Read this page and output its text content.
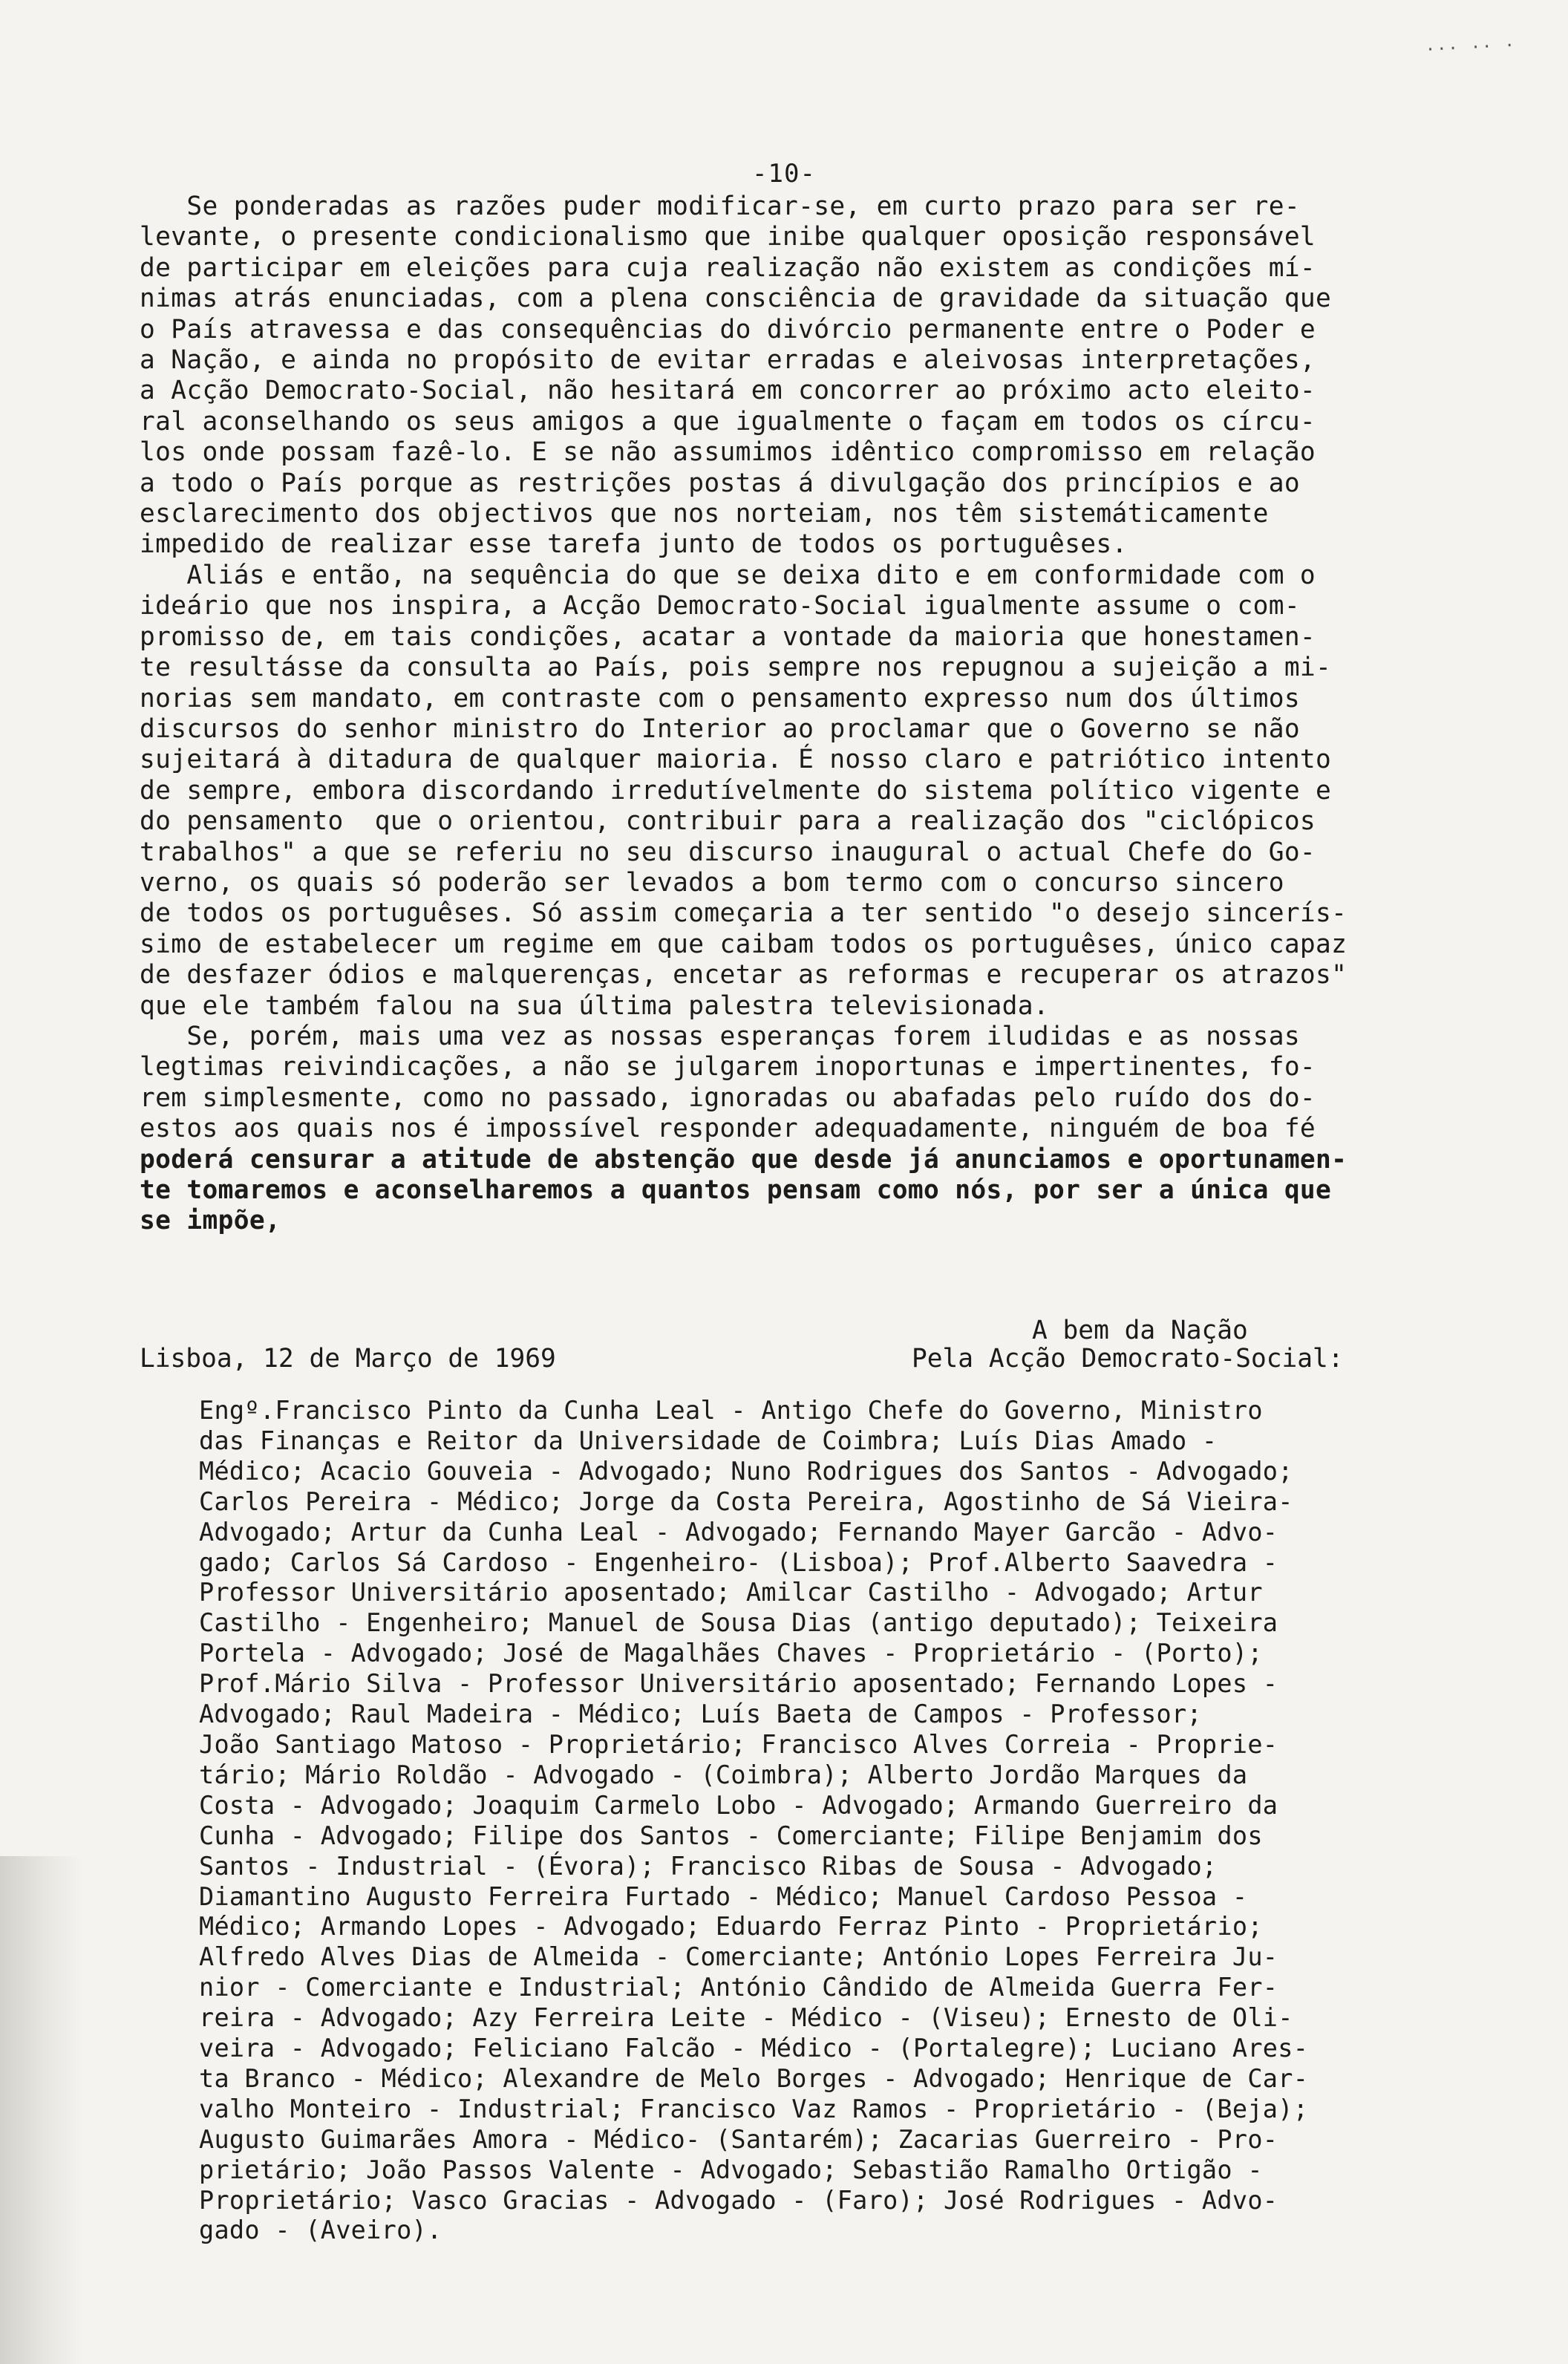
··· ·· ·
-10-
Se ponderadas as razões puder modificar-se, em curto prazo para ser re-
levante, o presente condicionalismo que inibe qualquer oposição responsável
de participar em eleições para cuja realização não existem as condições mí-
nimas atrás enunciadas, com a plena consciência de gravidade da situação que
o País atravessa e das consequências do divórcio permanente entre o Poder e
a Nação, e ainda no propósito de evitar erradas e aleivosas interpretações,
a Acção Democrato-Social, não hesitará em concorrer ao próximo acto eleito-
ral aconselhando os seus amigos a que igualmente o façam em todos os círcu-
los onde possam fazê-lo. E se não assumimos idêntico compromisso em relação
a todo o País porque as restrições postas á divulgação dos princípios e ao
esclarecimento dos objectivos que nos norteiam, nos têm sistemáticamente
impedido de realizar esse tarefa junto de todos os portuguêses.
Aliás e então, na sequência do que se deixa dito e em conformidade com o
ideário que nos inspira, a Acção Democrato-Social igualmente assume o com-
promisso de, em tais condições, acatar a vontade da maioria que honestamen-
te resultásse da consulta ao País, pois sempre nos repugnou a sujeição a mi-
norias sem mandato, em contraste com o pensamento expresso num dos últimos
discursos do senhor ministro do Interior ao proclamar que o Governo se não
sujeitará à ditadura de qualquer maioria. É nosso claro e patriótico intento
de sempre, embora discordando irredutívelmente do sistema político vigente e
do pensamento  que o orientou, contribuir para a realização dos "ciclópicos
trabalhos" a que se referiu no seu discurso inaugural o actual Chefe do Go-
verno, os quais só poderão ser levados a bom termo com o concurso sincero
de todos os portuguêses. Só assim começaria a ter sentido "o desejo sincerís-
simo de estabelecer um regime em que caibam todos os portuguêses, único capaz
de desfazer ódios e malquerenças, encetar as reformas e recuperar os atrazos"
que ele também falou na sua última palestra televisionada.
Se, porém, mais uma vez as nossas esperanças forem iludidas e as nossas
legtimas reivindicações, a não se julgarem inoportunas e impertinentes, fo-
rem simplesmente, como no passado, ignoradas ou abafadas pelo ruído dos do-
estos aos quais nos é impossível responder adequadamente, ninguém de boa fé
poderá censurar a atitude de abstenção que desde já anunciamos e oportunamen-
te tomaremos e aconselharemos a quantos pensam como nós, por ser a única que
se impõe,
A bem da Nação
Lisboa, 12 de Março de 1969	Pela Acção Democrato-Social:
Engº.Francisco Pinto da Cunha Leal - Antigo Chefe do Governo, Ministro
das Finanças e Reitor da Universidade de Coimbra; Luís Dias Amado -
Médico; Acacio Gouveia - Advogado; Nuno Rodrigues dos Santos - Advogado;
Carlos Pereira - Médico; Jorge da Costa Pereira, Agostinho de Sá Vieira-
Advogado; Artur da Cunha Leal - Advogado; Fernando Mayer Garcão - Advo-
gado; Carlos Sá Cardoso - Engenheiro- (Lisboa); Prof.Alberto Saavedra -
Professor Universitário aposentado; Amilcar Castilho - Advogado; Artur
Castilho - Engenheiro; Manuel de Sousa Dias (antigo deputado); Teixeira
Portela - Advogado; José de Magalhães Chaves - Proprietário - (Porto);
Prof.Mário Silva - Professor Universitário aposentado; Fernando Lopes -
Advogado; Raul Madeira - Médico; Luís Baeta de Campos - Professor;
João Santiago Matoso - Proprietário; Francisco Alves Correia - Proprie-
tário; Mário Roldão - Advogado - (Coimbra); Alberto Jordão Marques da
Costa - Advogado; Joaquim Carmelo Lobo - Advogado; Armando Guerreiro da
Cunha - Advogado; Filipe dos Santos - Comerciante; Filipe Benjamim dos
Santos - Industrial - (Évora); Francisco Ribas de Sousa - Advogado;
Diamantino Augusto Ferreira Furtado - Médico; Manuel Cardoso Pessoa -
Médico; Armando Lopes - Advogado; Eduardo Ferraz Pinto - Proprietário;
Alfredo Alves Dias de Almeida - Comerciante; António Lopes Ferreira Ju-
nior - Comerciante e Industrial; António Cândido de Almeida Guerra Fer-
reira - Advogado; Azy Ferreira Leite - Médico - (Viseu); Ernesto de Oli-
veira - Advogado; Feliciano Falcão - Médico - (Portalegre); Luciano Ares-
ta Branco - Médico; Alexandre de Melo Borges - Advogado; Henrique de Car-
valho Monteiro - Industrial; Francisco Vaz Ramos - Proprietário - (Beja);
Augusto Guimarães Amora - Médico- (Santarém); Zacarias Guerreiro - Pro-
prietário; João Passos Valente - Advogado; Sebastião Ramalho Ortigão -
Proprietário; Vasco Gracias - Advogado - (Faro); José Rodrigues - Advo-
gado - (Aveiro).
